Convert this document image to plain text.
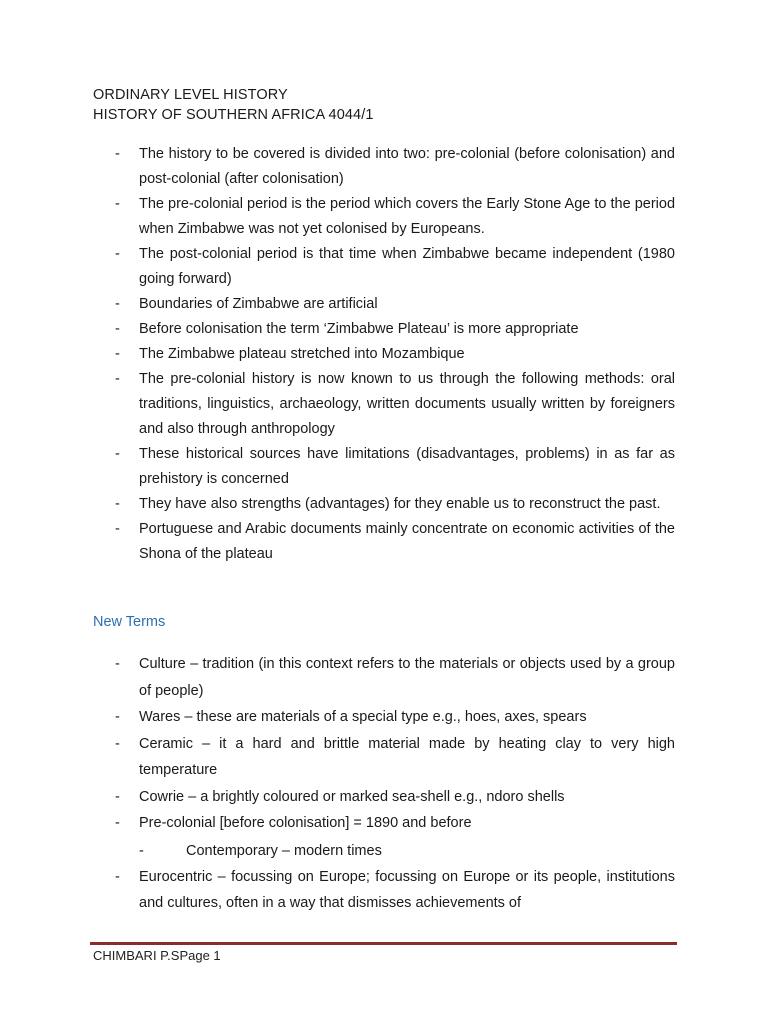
ORDINARY LEVEL HISTORY
HISTORY OF SOUTHERN AFRICA 4044/1
- The history to be covered is divided into two: pre-colonial (before colonisation) and post-colonial (after colonisation)
- The pre-colonial period is the period which covers the Early Stone Age to the period when Zimbabwe was not yet colonised by Europeans.
- The post-colonial period is that time when Zimbabwe became independent (1980 going forward)
- Boundaries of Zimbabwe are artificial
- Before colonisation the term ‘Zimbabwe Plateau’ is more appropriate
- The Zimbabwe plateau stretched into Mozambique
- The pre-colonial history is now known to us through the following methods: oral traditions, linguistics, archaeology, written documents usually written by foreigners and also through anthropology
- These historical sources have limitations (disadvantages, problems) in as far as prehistory is concerned
- They have also strengths (advantages) for they enable us to reconstruct the past.
- Portuguese and Arabic documents mainly concentrate on economic activities of the Shona of the plateau
New Terms
- Culture – tradition (in this context refers to the materials or objects used by a group of people)
- Wares – these are materials of a special type e.g., hoes, axes, spears
- Ceramic – it a hard and brittle material made by heating clay to very high temperature
- Cowrie – a brightly coloured or marked sea-shell e.g., ndoro shells
- Pre-colonial [before colonisation] = 1890 and before
-	Contemporary – modern times
- Eurocentric – focussing on Europe; focussing on Europe or its people, institutions and cultures, often in a way that dismisses achievements of
CHIMBARI P.SPage 1
